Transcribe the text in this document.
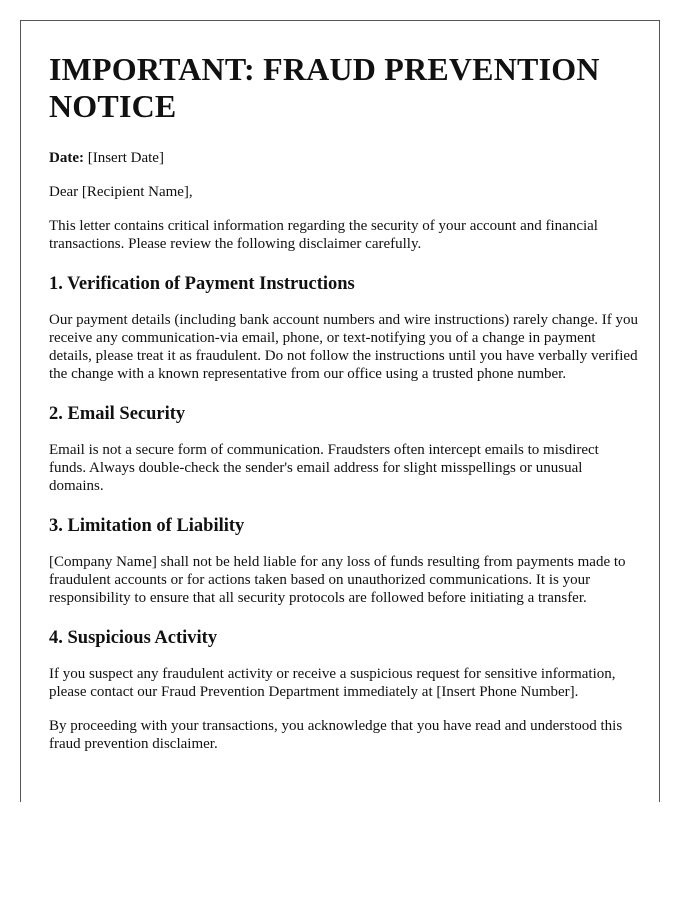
IMPORTANT: FRAUD PREVENTION NOTICE

Date: [Insert Date]

Dear [Recipient Name],

This letter contains critical information regarding the security of your account and financial transactions. Please review the following disclaimer carefully.

1. Verification of Payment Instructions

Our payment details (including bank account numbers and wire instructions) rarely change. If you receive any communication-via email, phone, or text-notifying you of a change in payment details, please treat it as fraudulent. Do not follow the instructions until you have verbally verified the change with a known representative from our office using a trusted phone number.

2. Email Security

Email is not a secure form of communication. Fraudsters often intercept emails to misdirect funds. Always double-check the sender's email address for slight misspellings or unusual domains.

3. Limitation of Liability

[Company Name] shall not be held liable for any loss of funds resulting from payments made to fraudulent accounts or for actions taken based on unauthorized communications. It is your responsibility to ensure that all security protocols are followed before initiating a transfer.

4. Suspicious Activity

If you suspect any fraudulent activity or receive a suspicious request for sensitive information, please contact our Fraud Prevention Department immediately at [Insert Phone Number].

By proceeding with your transactions, you acknowledge that you have read and understood this fraud prevention disclaimer.
